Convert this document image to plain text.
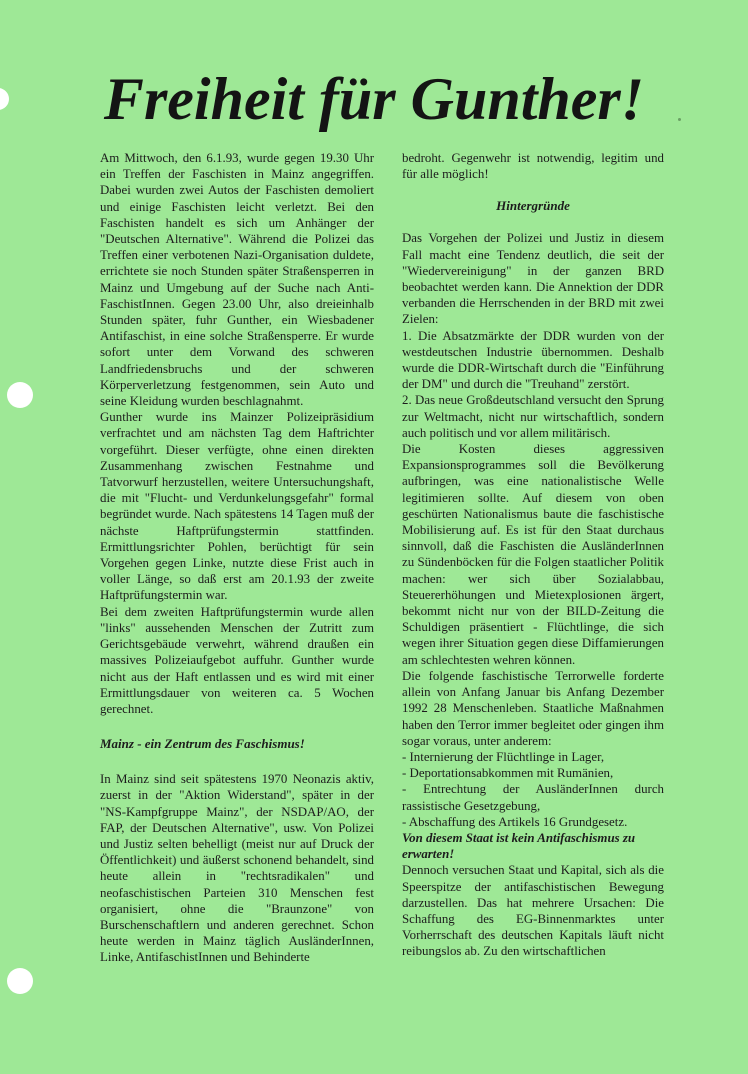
Freiheit für Gunther!

Am Mittwoch, den 6.1.93, wurde gegen 19.30 Uhr ein Treffen der Faschisten in Mainz angegriffen. Dabei wurden zwei Autos der Faschisten demoliert und einige Faschisten leicht verletzt. Bei den Faschisten handelt es sich um Anhänger der "Deutschen Alternative". Während die Polizei das Treffen einer verbotenen Nazi-Organisation duldete, errichtete sie noch Stunden später Straßensperren in Mainz und Umgebung auf der Suche nach Anti-FaschistInnen. Gegen 23.00 Uhr, also dreieinhalb Stunden später, fuhr Gunther, ein Wiesbadener Antifaschist, in eine solche Straßensperre. Er wurde sofort unter dem Vorwand des schweren Landfriedensbruchs und der schweren Körperverletzung festgenommen, sein Auto und seine Kleidung wurden beschlagnahmt.

Gunther wurde ins Mainzer Polizeipräsidium verfrachtet und am nächsten Tag dem Haftrichter vorgeführt. Dieser verfügte, ohne einen direkten Zusammenhang zwischen Festnahme und Tatvorwurf herzustellen, weitere Untersuchungshaft, die mit "Flucht- und Verdunkelungsgefahr" formal begründet wurde. Nach spätestens 14 Tagen muß der nächste Haftprüfungstermin stattfinden. Ermittlungsrichter Pohlen, berüchtigt für sein Vorgehen gegen Linke, nutzte diese Frist auch in voller Länge, so daß erst am 20.1.93 der zweite Haftprüfungstermin war.

Bei dem zweiten Haftprüfungstermin wurde allen "links" aussehenden Menschen der Zutritt zum Gerichtsgebäude verwehrt, während draußen ein massives Polizeiaufgebot auffuhr. Gunther wurde nicht aus der Haft entlassen und es wird mit einer Ermittlungsdauer von weiteren ca. 5 Wochen gerechnet.

Mainz - ein Zentrum des Faschismus!

In Mainz sind seit spätestens 1970 Neonazis aktiv, zuerst in der "Aktion Widerstand", später in der "NS-Kampfgruppe Mainz", der NSDAP/AO, der FAP, der Deutschen Alternative", usw. Von Polizei und Justiz selten behelligt (meist nur auf Druck der Öffentlichkeit) und äußerst schonend behandelt, sind heute allein in "rechtsradikalen" und neofaschistischen Parteien 310 Menschen fest organisiert, ohne die "Braunzone" von Burschenschaftlern und anderen gerechnet. Schon heute werden in Mainz täglich AusländerInnen, Linke, AntifaschistInnen und Behinderte

bedroht. Gegenwehr ist notwendig, legitim und für alle möglich!

Hintergründe

Das Vorgehen der Polizei und Justiz in diesem Fall macht eine Tendenz deutlich, die seit der "Wiedervereinigung" in der ganzen BRD beobachtet werden kann. Die Annektion der DDR verbanden die Herrschenden in der BRD mit zwei Zielen:

1. Die Absatzmärkte der DDR wurden von der westdeutschen Industrie übernommen. Deshalb wurde die DDR-Wirtschaft durch die "Einführung der DM" und durch die "Treuhand" zerstört.

2. Das neue Großdeutschland versucht den Sprung zur Weltmacht, nicht nur wirtschaftlich, sondern auch politisch und vor allem militärisch.

Die Kosten dieses aggressiven Expansionsprogrammes soll die Bevölkerung aufbringen, was eine nationalistische Welle legitimieren sollte. Auf diesem von oben geschürten Nationalismus baute die faschistische Mobilisierung auf. Es ist für den Staat durchaus sinnvoll, daß die Faschisten die AusländerInnen zu Sündenböcken für die Folgen staatlicher Politik machen: wer sich über Sozialabbau, Steuererhöhungen und Mietexplosionen ärgert, bekommt nicht nur von der BILD-Zeitung die Schuldigen präsentiert - Flüchtlinge, die sich wegen ihrer Situation gegen diese Diffamierungen am schlechtesten wehren können.

Die folgende faschistische Terrorwelle forderte allein von Anfang Januar bis Anfang Dezember 1992 28 Menschenleben. Staatliche Maßnahmen haben den Terror immer begleitet oder gingen ihm sogar voraus, unter anderem:

- Internierung der Flüchtlinge in Lager,

- Deportationsabkommen mit Rumänien,

- Entrechtung der AusländerInnen durch rassistische Gesetzgebung,

- Abschaffung des Artikels 16 Grundgesetz.

Von diesem Staat ist kein Antifaschismus zu erwarten!

Dennoch versuchen Staat und Kapital, sich als die Speerspitze der antifaschistischen Bewegung darzustellen. Das hat mehrere Ursachen: Die Schaffung des EG-Binnenmarktes unter Vorherrschaft des deutschen Kapitals läuft nicht reibungslos ab. Zu den wirtschaftlichen
